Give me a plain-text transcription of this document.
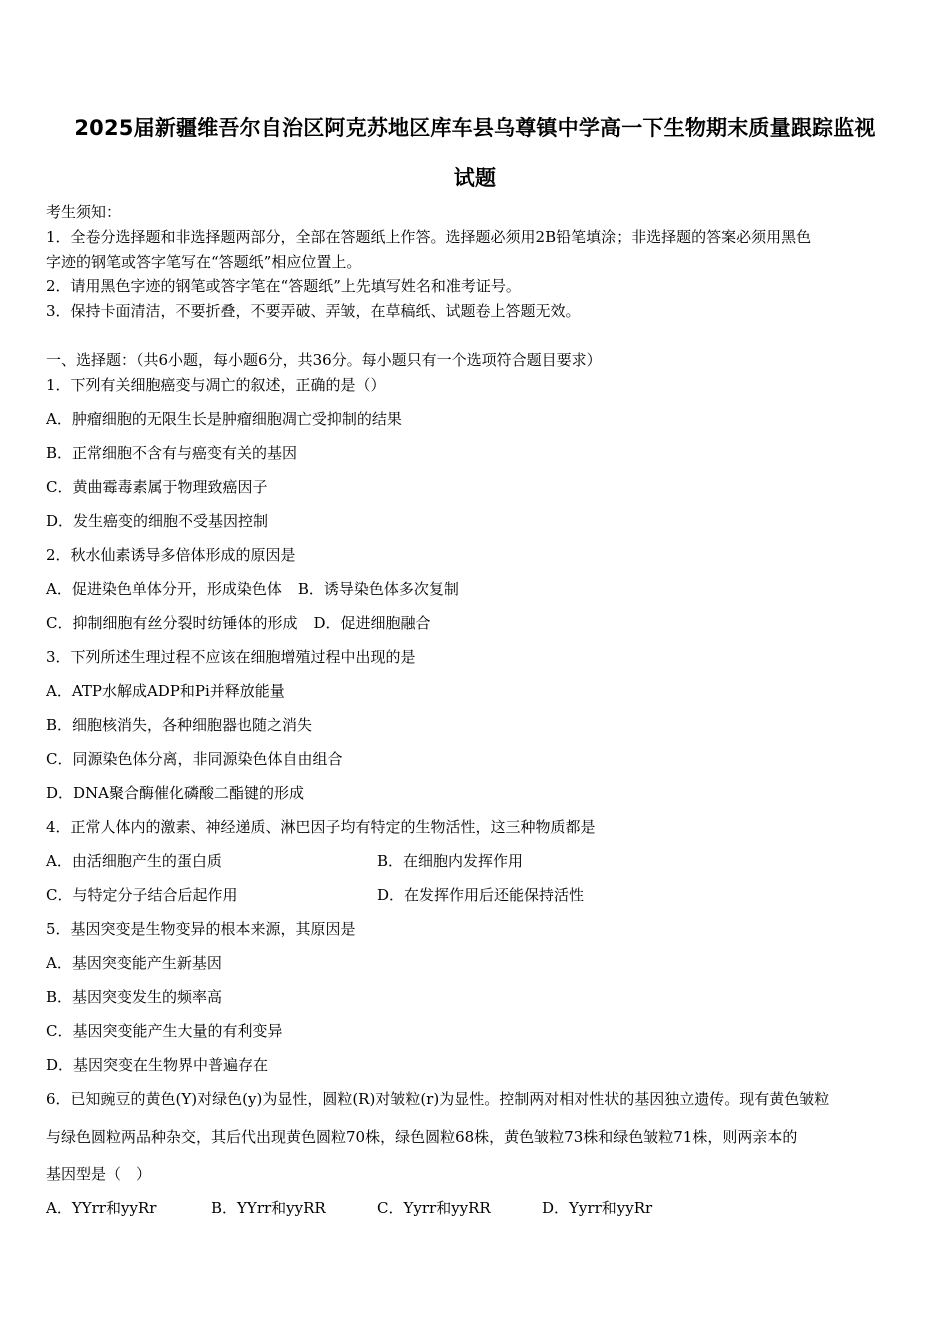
2025届新疆维吾尔自治区阿克苏地区库车县乌尊镇中学高一下生物期末质量跟踪监视
试题
考生须知：
1．全卷分选择题和非选择题两部分，全部在答题纸上作答。选择题必须用2B铅笔填涂；非选择题的答案必须用黑色
字迹的钢笔或答字笔写在“答题纸”相应位置上。
2．请用黑色字迹的钢笔或答字笔在“答题纸”上先填写姓名和准考证号。
3．保持卡面清洁，不要折叠，不要弄破、弄皱，在草稿纸、试题卷上答题无效。
一、选择题：（共6小题，每小题6分，共36分。每小题只有一个选项符合题目要求）
1．下列有关细胞癌变与凋亡的叙述，正确的是（）
A．肿瘤细胞的无限生长是肿瘤细胞凋亡受抑制的结果
B．正常细胞不含有与癌变有关的基因
C．黄曲霉毒素属于物理致癌因子
D．发生癌变的细胞不受基因控制
2．秋水仙素诱导多倍体形成的原因是
A．促进染色单体分开，形成染色体 B．诱导染色体多次复制
C．抑制细胞有丝分裂时纺锤体的形成 D．促进细胞融合
3．下列所述生理过程不应该在细胞增殖过程中出现的是
A．ATP水解成ADP和Pi并释放能量
B．细胞核消失，各种细胞器也随之消失
C．同源染色体分离，非同源染色体自由组合
D．DNA聚合酶催化磷酸二酯键的形成
4．正常人体内的激素、神经递质、淋巴因子均有特定的生物活性，这三种物质都是
A．由活细胞产生的蛋白质	B．在细胞内发挥作用
C．与特定分子结合后起作用	D．在发挥作用后还能保持活性
5．基因突变是生物变异的根本来源，其原因是
A．基因突变能产生新基因
B．基因突变发生的频率高
C．基因突变能产生大量的有利变异
D．基因突变在生物界中普遍存在
6．已知豌豆的黄色(Y)对绿色(y)为显性，圆粒(R)对皱粒(r)为显性。控制两对相对性状的基因独立遗传。现有黄色皱粒
与绿色圆粒两品种杂交，其后代出现黄色圆粒70株，绿色圆粒68株，黄色皱粒73株和绿色皱粒71株，则两亲本的
基因型是（　）
A．YYrr和yyRr	B．YYrr和yyRR	C．Yyrr和yyRR	D．Yyrr和yyRr
